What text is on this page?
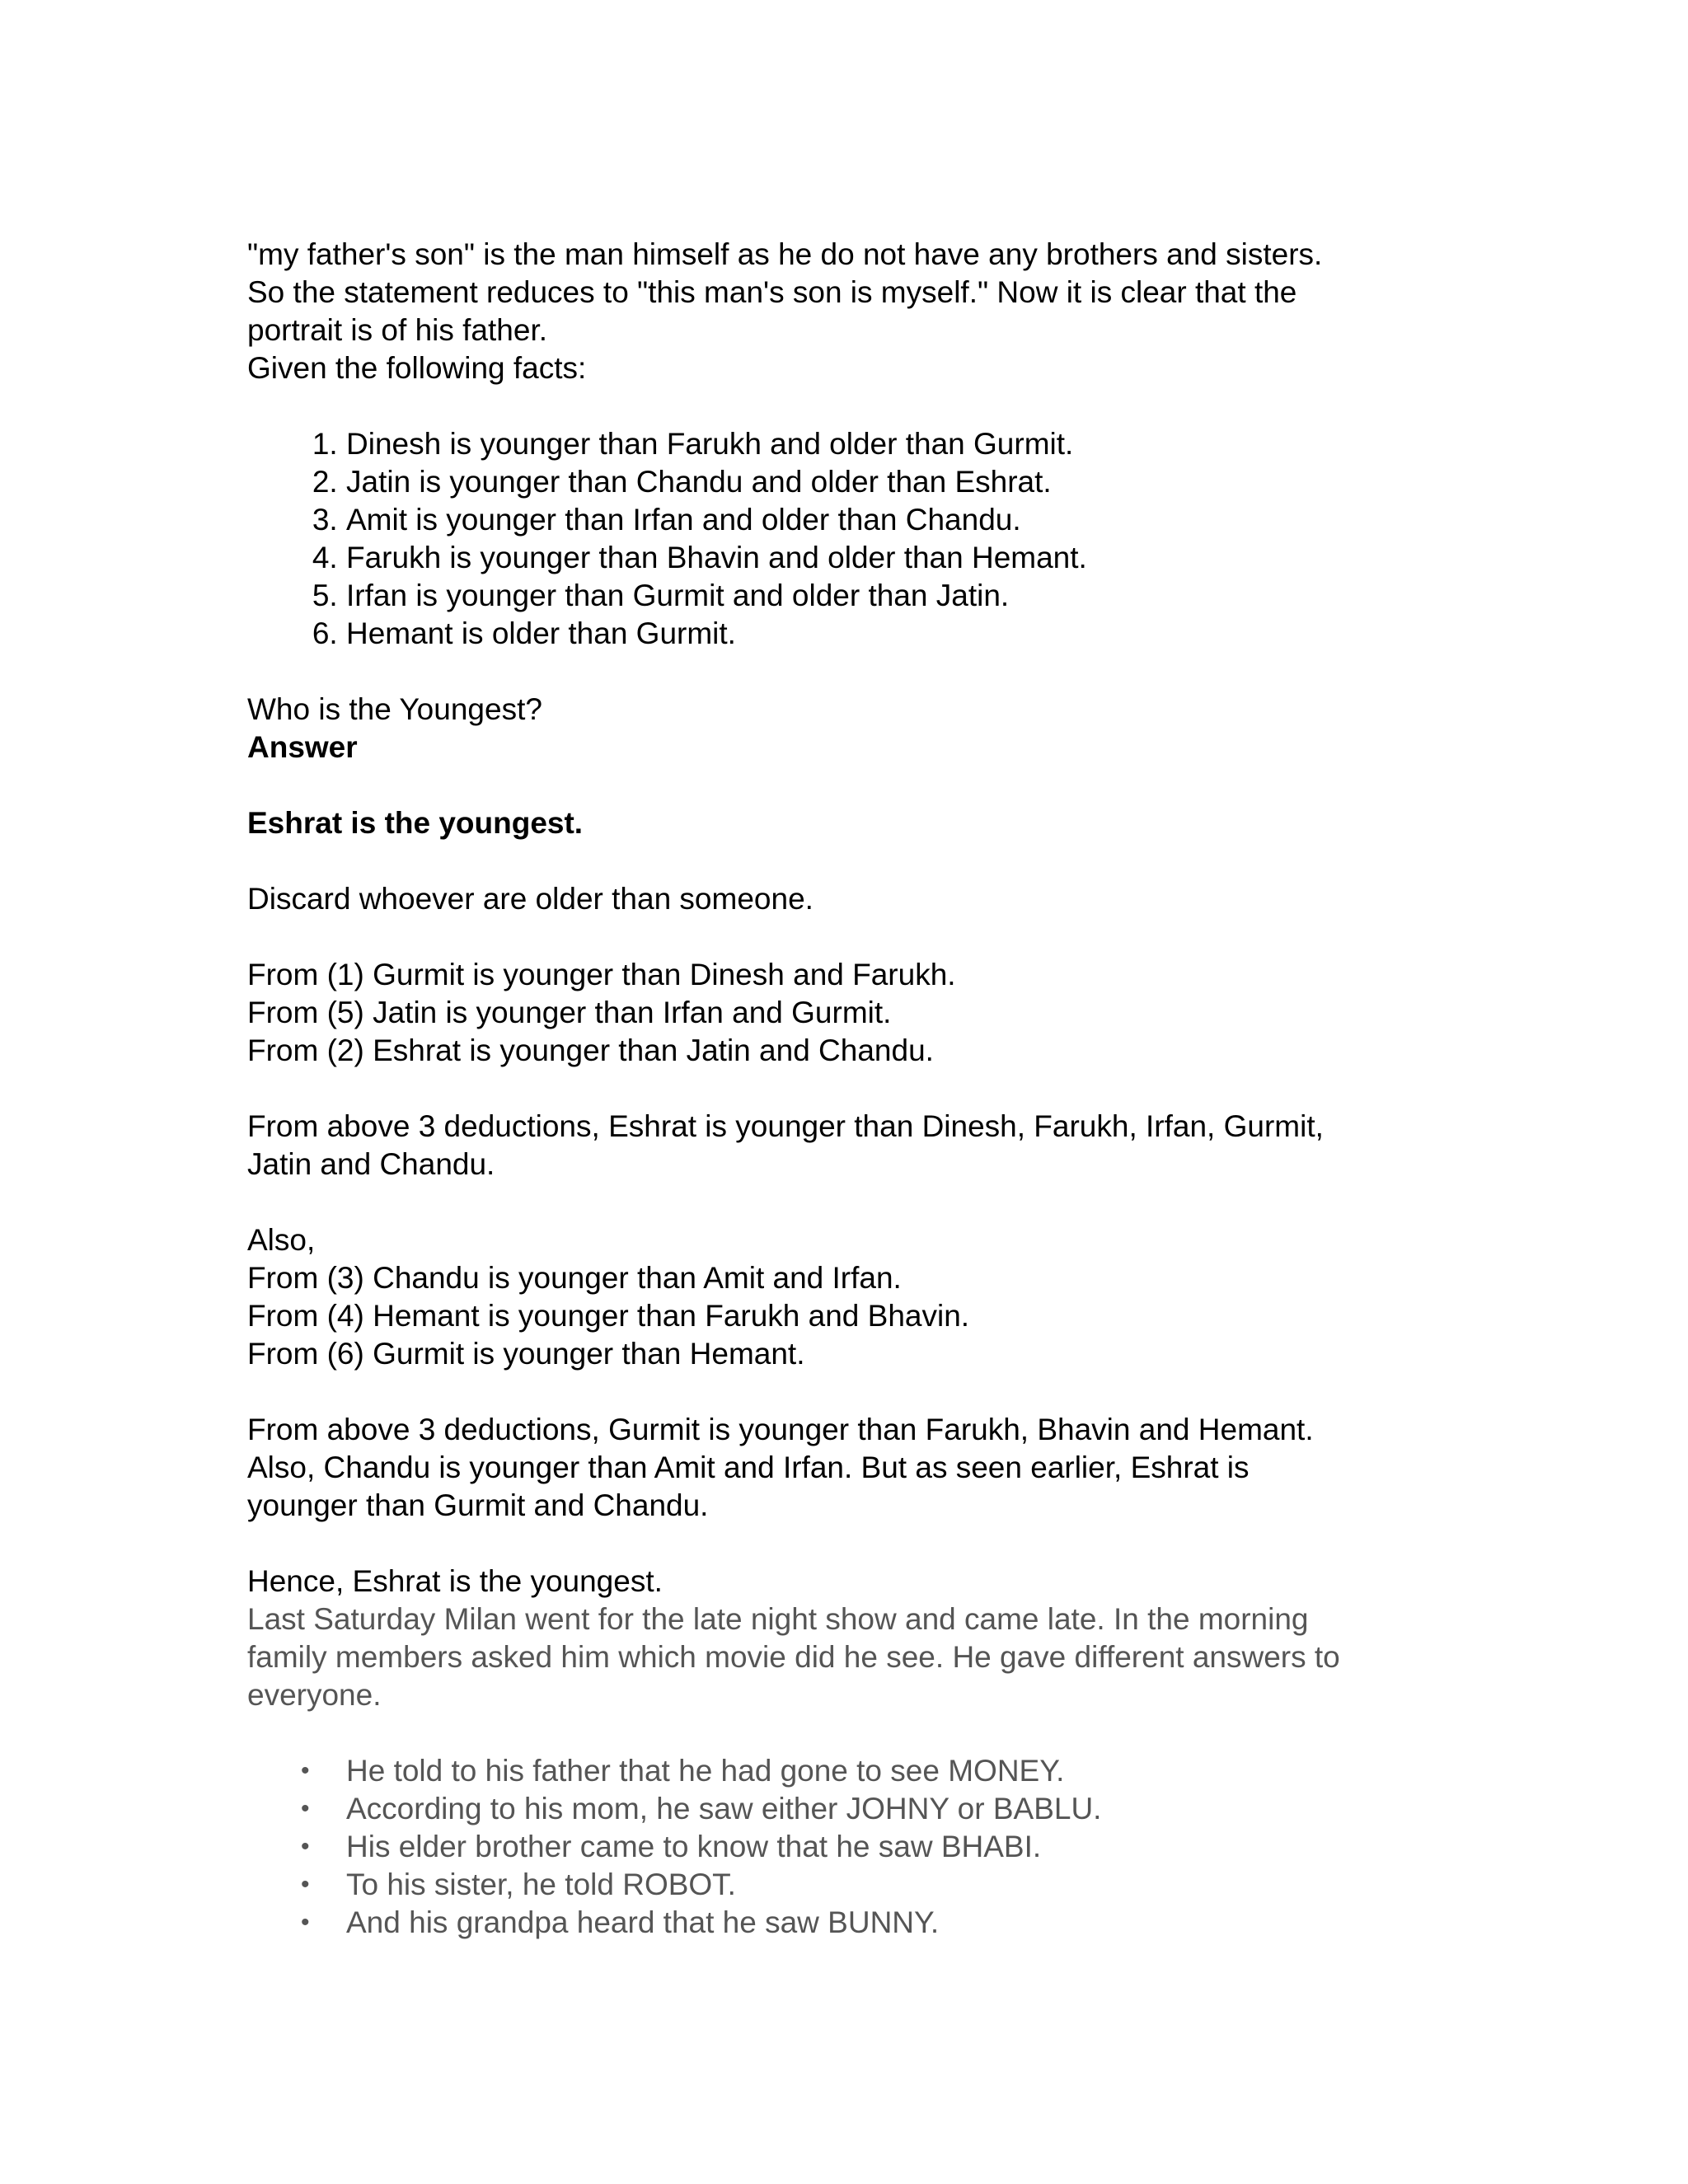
"my father's son" is the man himself as he do not have any brothers and sisters.
So the statement reduces to "this man's son is myself." Now it is clear that the
portrait is of his father.
Given the following facts:
1. Dinesh is younger than Farukh and older than Gurmit.
2. Jatin is younger than Chandu and older than Eshrat.
3. Amit is younger than Irfan and older than Chandu.
4. Farukh is younger than Bhavin and older than Hemant.
5. Irfan is younger than Gurmit and older than Jatin.
6. Hemant is older than Gurmit.
Who is the Youngest?
Answer
Eshrat is the youngest.
Discard whoever are older than someone.
From (1) Gurmit is younger than Dinesh and Farukh.
From (5) Jatin is younger than Irfan and Gurmit.
From (2) Eshrat is younger than Jatin and Chandu.
From above 3 deductions, Eshrat is younger than Dinesh, Farukh, Irfan, Gurmit,
Jatin and Chandu.
Also,
From (3) Chandu is younger than Amit and Irfan.
From (4) Hemant is younger than Farukh and Bhavin.
From (6) Gurmit is younger than Hemant.
From above 3 deductions, Gurmit is younger than Farukh, Bhavin and Hemant.
Also, Chandu is younger than Amit and Irfan. But as seen earlier, Eshrat is
younger than Gurmit and Chandu.
Hence, Eshrat is the youngest.
Last Saturday Milan went for the late night show and came late. In the morning
family members asked him which movie did he see. He gave different answers to
everyone.
• He told to his father that he had gone to see MONEY.
• According to his mom, he saw either JOHNY or BABLU.
• His elder brother came to know that he saw BHABI.
• To his sister, he told ROBOT.
• And his grandpa heard that he saw BUNNY.
